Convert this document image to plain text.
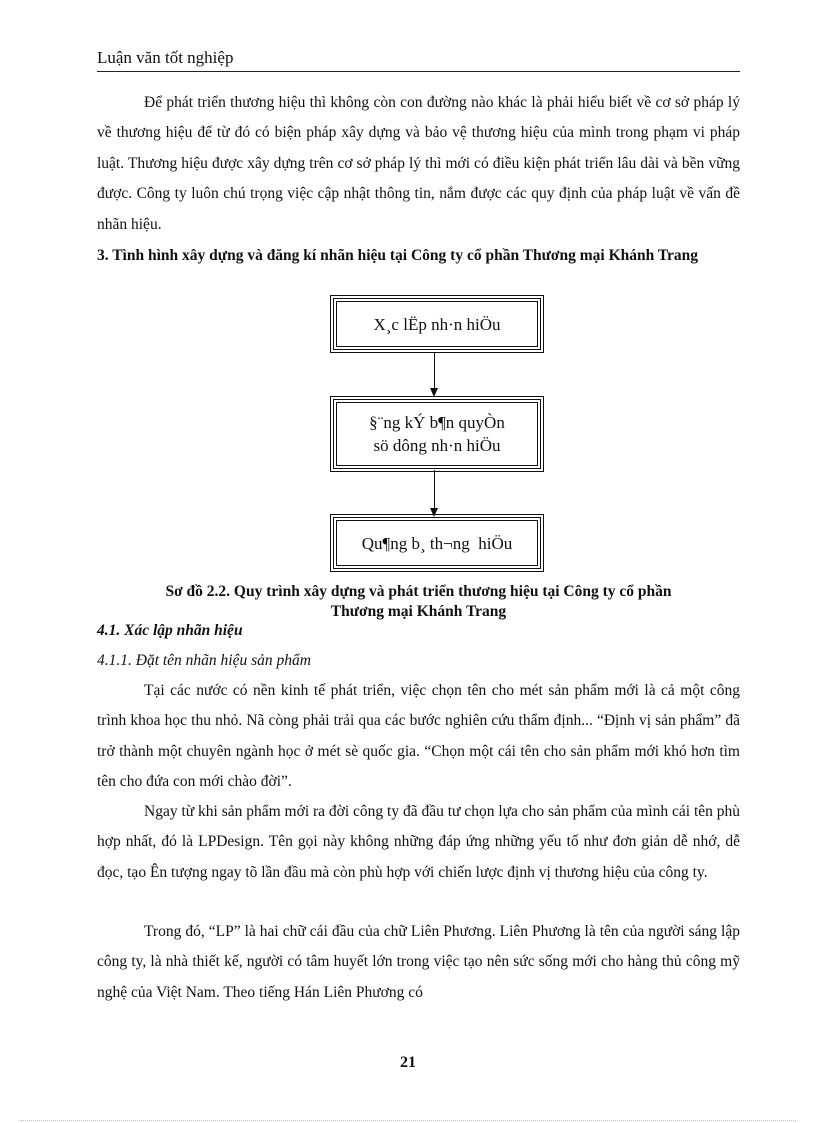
Luận văn tốt nghiệp

Để phát triển thương hiệu thì không còn con đường nào khác là phải hiểu biết về cơ sở pháp lý về thương hiệu để từ đó có biện pháp xây dựng và bảo vệ thương hiệu của mình trong phạm vi pháp luật. Thương hiệu được xây dựng trên cơ sở pháp lý thì mới có điều kiện phát triển lâu dài và bền vững được. Công ty luôn chú trọng việc cập nhật thông tin, nắm được các quy định của pháp luật về vấn đề nhãn hiệu.

3. Tình hình xây dựng và đăng kí nhãn hiệu tại Công ty cổ phần Thương mại Khánh Trang

X¸c lËp nh·n hiÖu
§¨ng kÝ b¶n quyÒn
sö dông nh·n hiÖu
Qu¶ng b¸ th¬ng  hiÖu
Sơ đồ 2.2. Quy trình xây dựng và phát triển thương hiệu tại Công ty cổ phần
Thương mại Khánh Trang
4.1. Xác lập nhãn hiệu
4.1.1. Đặt tên nhãn hiệu sản phẩm

Tại các nước có nền kinh tế phát triển, việc chọn tên cho mét sản phẩm mới là cả một công trình khoa học thu nhỏ. Nã còng phải trải qua các bước nghiên cứu thẩm định... “Định vị sản phẩm” đã trở thành một chuyên ngành học ở mét sè quốc gia. “Chọn một cái tên cho sản phẩm mới khó hơn tìm tên cho đứa con mới chào đời”.

Ngay từ khi sản phẩm mới ra đời công ty đã đầu tư chọn lựa cho sản phẩm của mình cái tên phù hợp nhất, đó là LPDesign. Tên gọi này không những đáp ứng những yếu tố như đơn giản dễ nhớ, dễ đọc, tạo Ên tượng ngay tõ lần đầu mà còn phù hợp với chiến lược định vị thương hiệu của công ty.

Trong đó, “LP” là hai chữ cái đầu của chữ Liên Phương. Liên Phương là tên của người sáng lập công ty, là nhà thiết kế, người có tâm huyết lớn trong việc tạo nên sức sống mới cho hàng thủ công mỹ nghệ của Việt Nam. Theo tiếng Hán Liên Phương có

21
